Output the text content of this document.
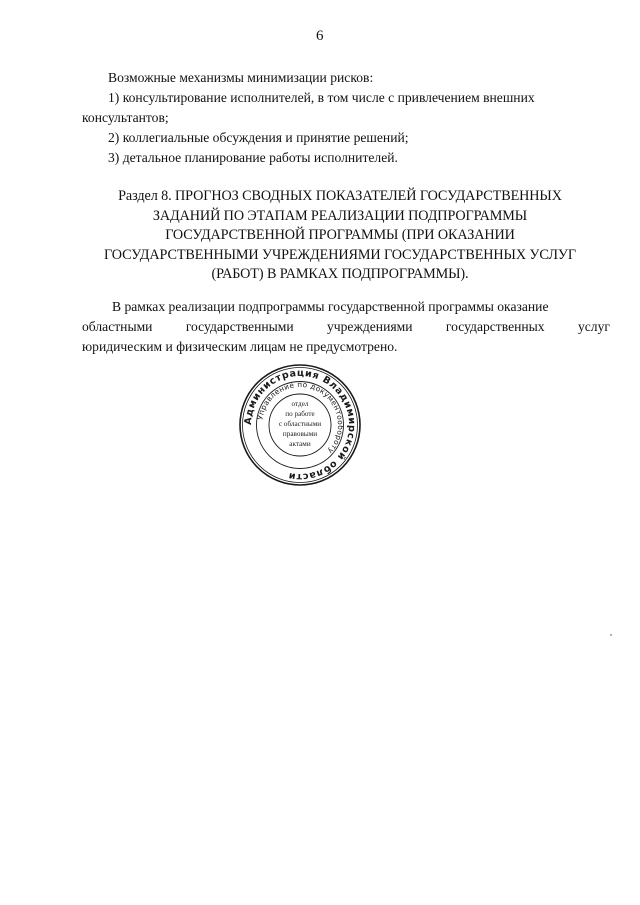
6

Возможные механизмы минимизации рисков:

1) консультирование исполнителей, в том числе с привлечением внешних

консультантов;

2) коллегиальные обсуждения и принятие решений;

3) детальное планирование работы исполнителей.

Раздел 8. ПРОГНОЗ СВОДНЫХ ПОКАЗАТЕЛЕЙ ГОСУДАРСТВЕННЫХ
ЗАДАНИЙ ПО ЭТАПАМ РЕАЛИЗАЦИИ ПОДПРОГРАММЫ
ГОСУДАРСТВЕННОЙ ПРОГРАММЫ (ПРИ ОКАЗАНИИ
ГОСУДАРСТВЕННЫМИ УЧРЕЖДЕНИЯМИ ГОСУДАРСТВЕННЫХ УСЛУГ
(РАБОТ) В РАМКАХ ПОДПРОГРАММЫ).
В рамках реализации подпрограммы государственной программы оказание
областными государственными учреждениями государственных услуг
юридическим и физическим лицам не предусмотрено.
Администрация Владимирской области
Управление по документообороту
отдел
по работе
с областными
правовыми
актами
